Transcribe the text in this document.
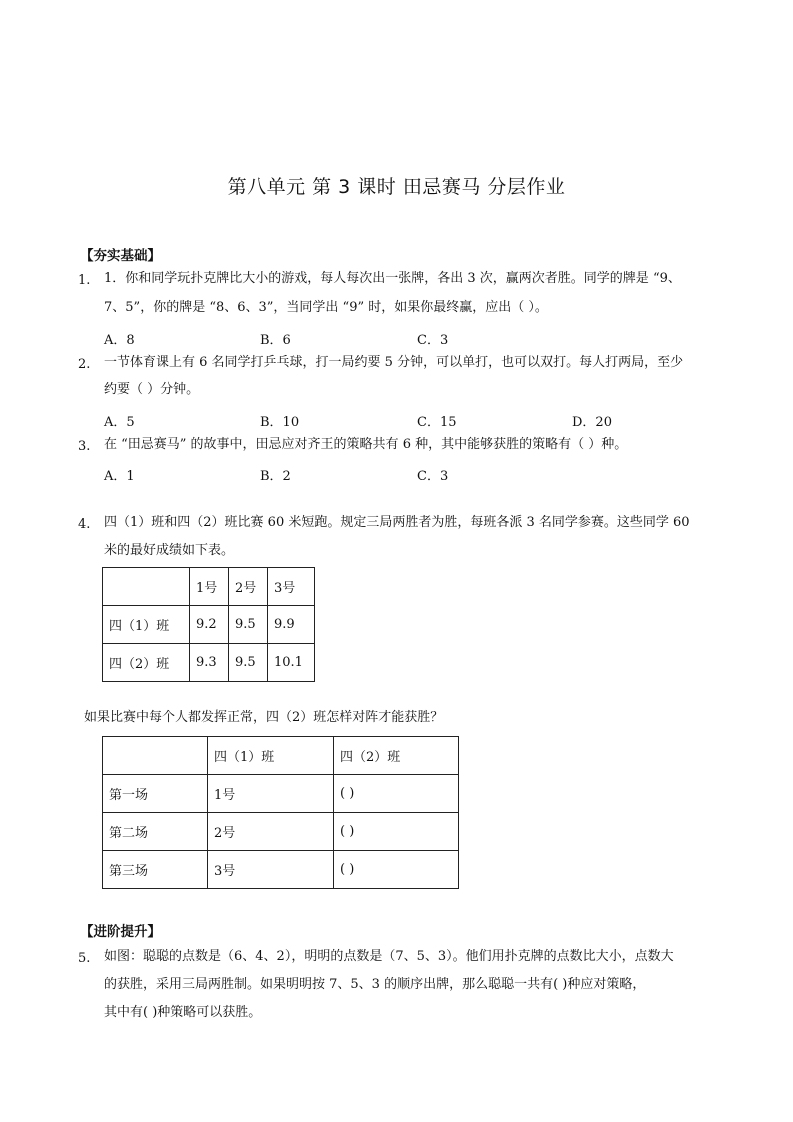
第八单元 第 3 课时 田忌赛马 分层作业
【夯实基础】
1. 1．你和同学玩扑克牌比大小的游戏，每人每次出一张牌，各出 3 次，赢两次者胜。同学的牌是 “9、
7、5”，你的牌是 “8、6、3”，当同学出 “9” 时，如果你最终赢，应出（ ）。
A．8	B．6	C．3
2. 一节体育课上有 6 名同学打乒乓球，打一局约要 5 分钟，可以单打，也可以双打。每人打两局，至少
约要（ ）分钟。
A．5	B．10	C．15	D．20
3. 在 “田忌赛马” 的故事中，田忌应对齐王的策略共有 6 种，其中能够获胜的策略有（ ）种。
A．1	B．2	C．3
4. 四（1）班和四（2）班比赛 60 米短跑。规定三局两胜者为胜，每班各派 3 名同学参赛。这些同学 60
米的最好成绩如下表。
	1号	2号	3号
四（1）班	9.2	9.5	9.9
四（2）班	9.3	9.5	10.1
如果比赛中每个人都发挥正常，四（2）班怎样对阵才能获胜？
	四（1）班	四（2）班
第一场	1号	( )
第二场	2号	( )
第三场	3号	( )
【进阶提升】
5. 如图：聪聪的点数是（6、4、2），明明的点数是（7、5、3）。他们用扑克牌的点数比大小，点数大
的获胜，采用三局两胜制。如果明明按 7、5、3 的顺序出牌，那么聪聪一共有( )种应对策略，
其中有( )种策略可以获胜。
